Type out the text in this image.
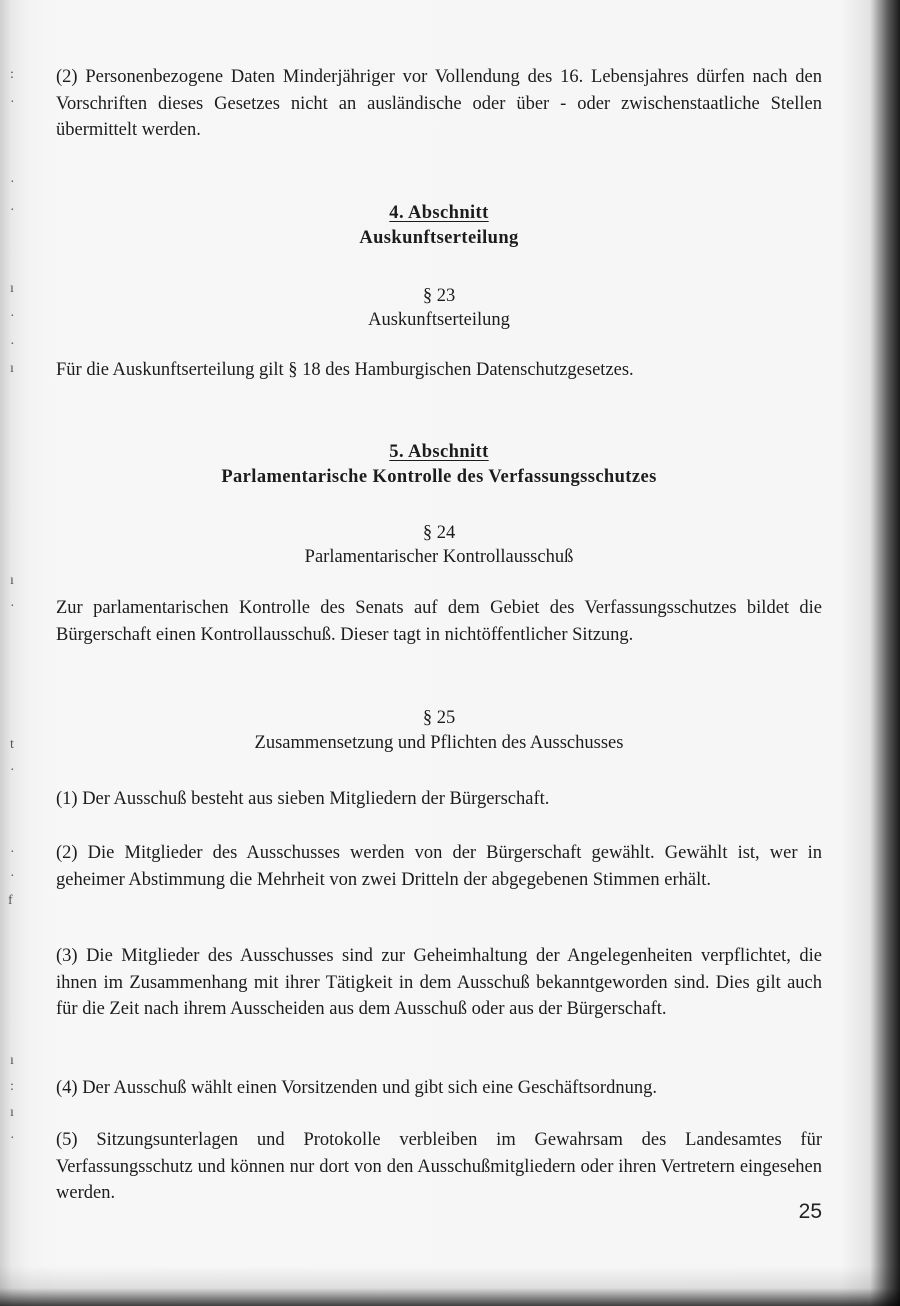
:
·
·
·
ı
·
·
ı
ı
·
t
·
·
·
f
ı
:
ı
·

(2) Personenbezogene Daten Minderjähriger vor Vollendung des 16. Lebensjahres dürfen nach den Vorschriften dieses Gesetzes nicht an ausländische oder über - oder zwischenstaatliche Stellen übermittelt werden.

4. Abschnitt

Auskunftserteilung

§ 23

Auskunftserteilung

Für die Auskunftserteilung gilt § 18 des Hamburgischen Datenschutzgesetzes.

5. Abschnitt

Parlamentarische Kontrolle des Verfassungsschutzes

§ 24

Parlamentarischer Kontrollausschuß

Zur parlamentarischen Kontrolle des Senats auf dem Gebiet des Verfassungsschutzes bildet die Bürgerschaft einen Kontrollausschuß. Dieser tagt in nichtöffentlicher Sitzung.

§ 25

Zusammensetzung und Pflichten des Ausschusses

(1) Der Ausschuß besteht aus sieben Mitgliedern der Bürgerschaft.

(2) Die Mitglieder des Ausschusses werden von der Bürgerschaft gewählt. Gewählt ist, wer in geheimer Abstimmung die Mehrheit von zwei Dritteln der abgegebenen Stimmen erhält.

(3) Die Mitglieder des Ausschusses sind zur Geheimhaltung der Angelegenheiten verpflichtet, die ihnen im Zusammenhang mit ihrer Tätigkeit in dem Ausschuß bekanntgeworden sind. Dies gilt auch für die Zeit nach ihrem Ausscheiden aus dem Ausschuß oder aus der Bürgerschaft.

(4) Der Ausschuß wählt einen Vorsitzenden und gibt sich eine Geschäftsordnung.

(5) Sitzungsunterlagen und Protokolle verbleiben im Gewahrsam des Landesamtes für Verfassungsschutz und können nur dort von den Ausschußmitgliedern oder ihren Vertretern eingesehen werden.

25
